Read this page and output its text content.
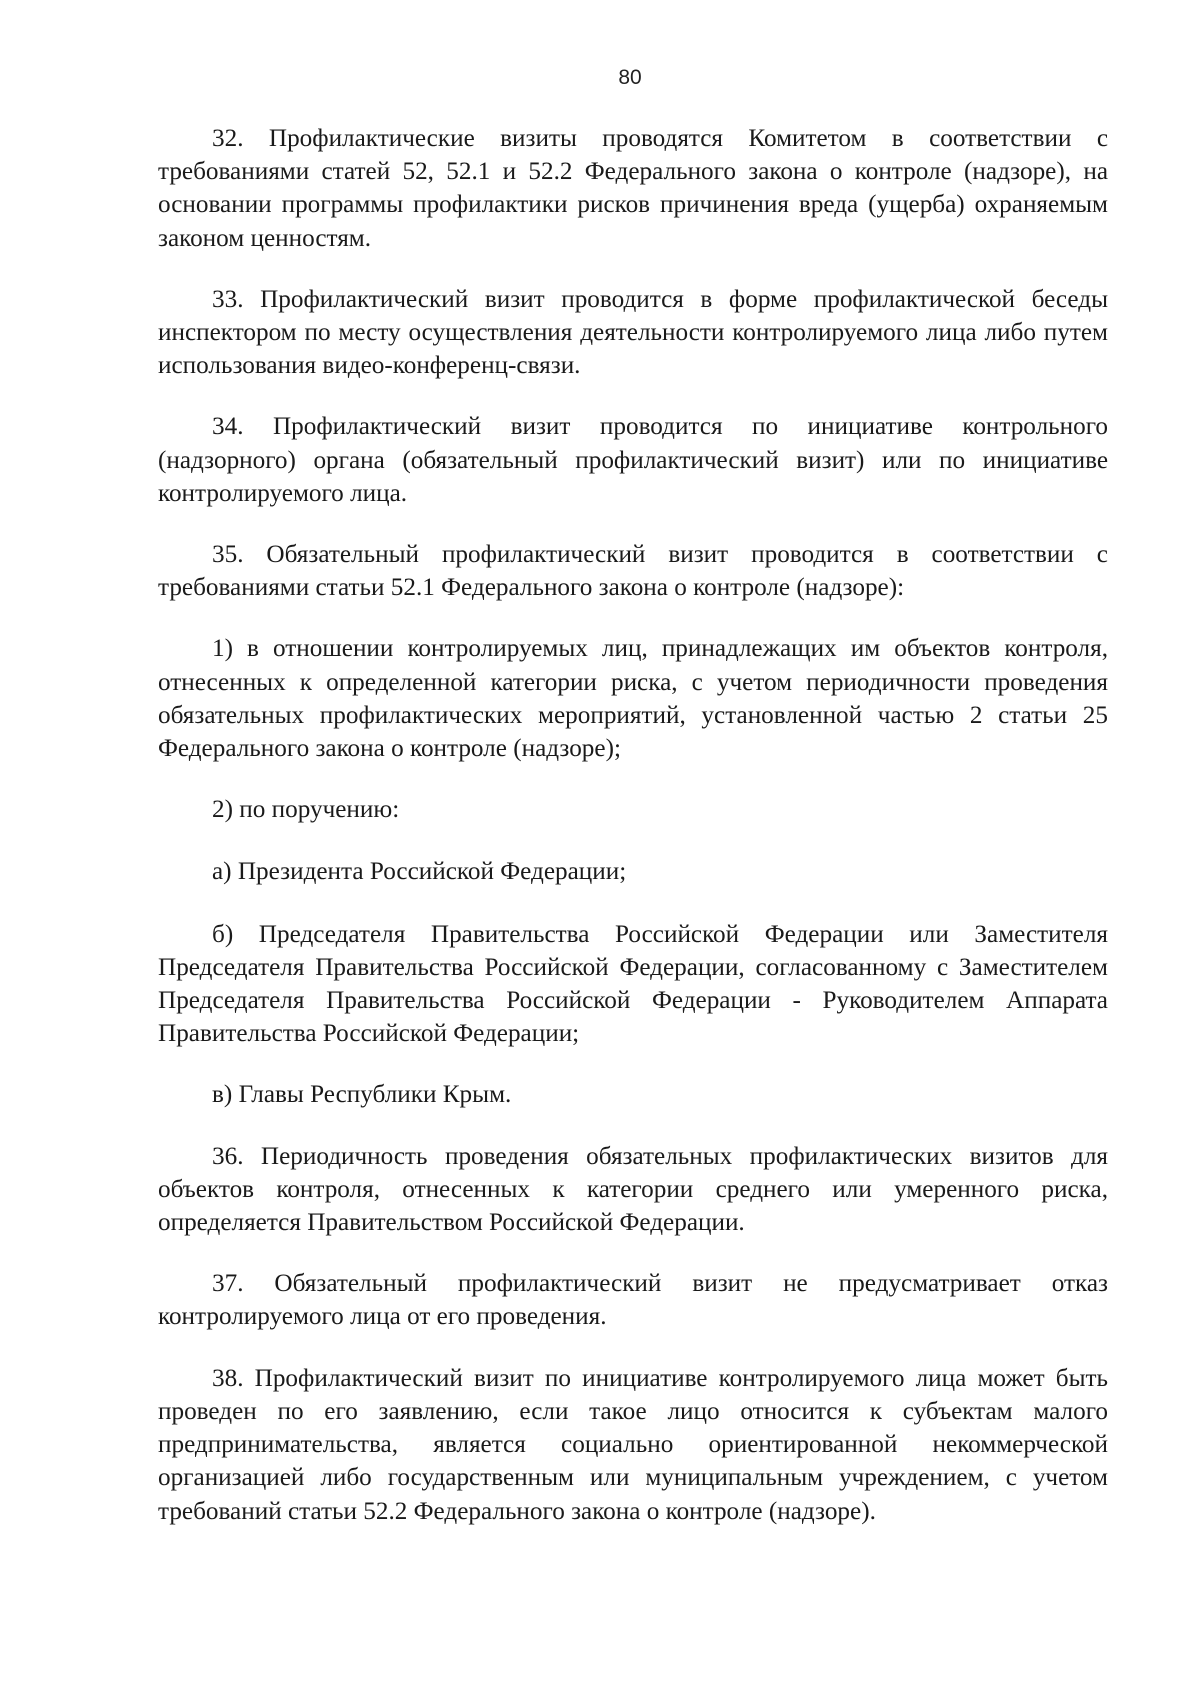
80

32. Профилактические визиты проводятся Комитетом в соответствии с требованиями статей 52, 52.1 и 52.2 Федерального закона о контроле (надзоре), на основании программы профилактики рисков причинения вреда (ущерба) охраняемым законом ценностям.

33. Профилактический визит проводится в форме профилактической беседы инспектором по месту осуществления деятельности контролируемого лица либо путем использования видео-конференц-связи.

34. Профилактический визит проводится по инициативе контрольного (надзорного) органа (обязательный профилактический визит) или по инициативе контролируемого лица.

35. Обязательный профилактический визит проводится в соответствии с требованиями статьи 52.1 Федерального закона о контроле (надзоре):

1) в отношении контролируемых лиц, принадлежащих им объектов контроля, отнесенных к определенной категории риска, с учетом периодичности проведения обязательных профилактических мероприятий, установленной частью 2 статьи 25 Федерального закона о контроле (надзоре);

2) по поручению:

а) Президента Российской Федерации;

б) Председателя Правительства Российской Федерации или Заместителя Председателя Правительства Российской Федерации, согласованному с Заместителем Председателя Правительства Российской Федерации - Руководителем Аппарата Правительства Российской Федерации;

в) Главы Республики Крым.

36. Периодичность проведения обязательных профилактических визитов для объектов контроля, отнесенных к категории среднего или умеренного риска, определяется Правительством Российской Федерации.

37. Обязательный профилактический визит не предусматривает отказ контролируемого лица от его проведения.

38. Профилактический визит по инициативе контролируемого лица может быть проведен по его заявлению, если такое лицо относится к субъектам малого предпринимательства, является социально ориентированной некоммерческой организацией либо государственным или муниципальным учреждением, с учетом требований статьи 52.2 Федерального закона о контроле (надзоре).
